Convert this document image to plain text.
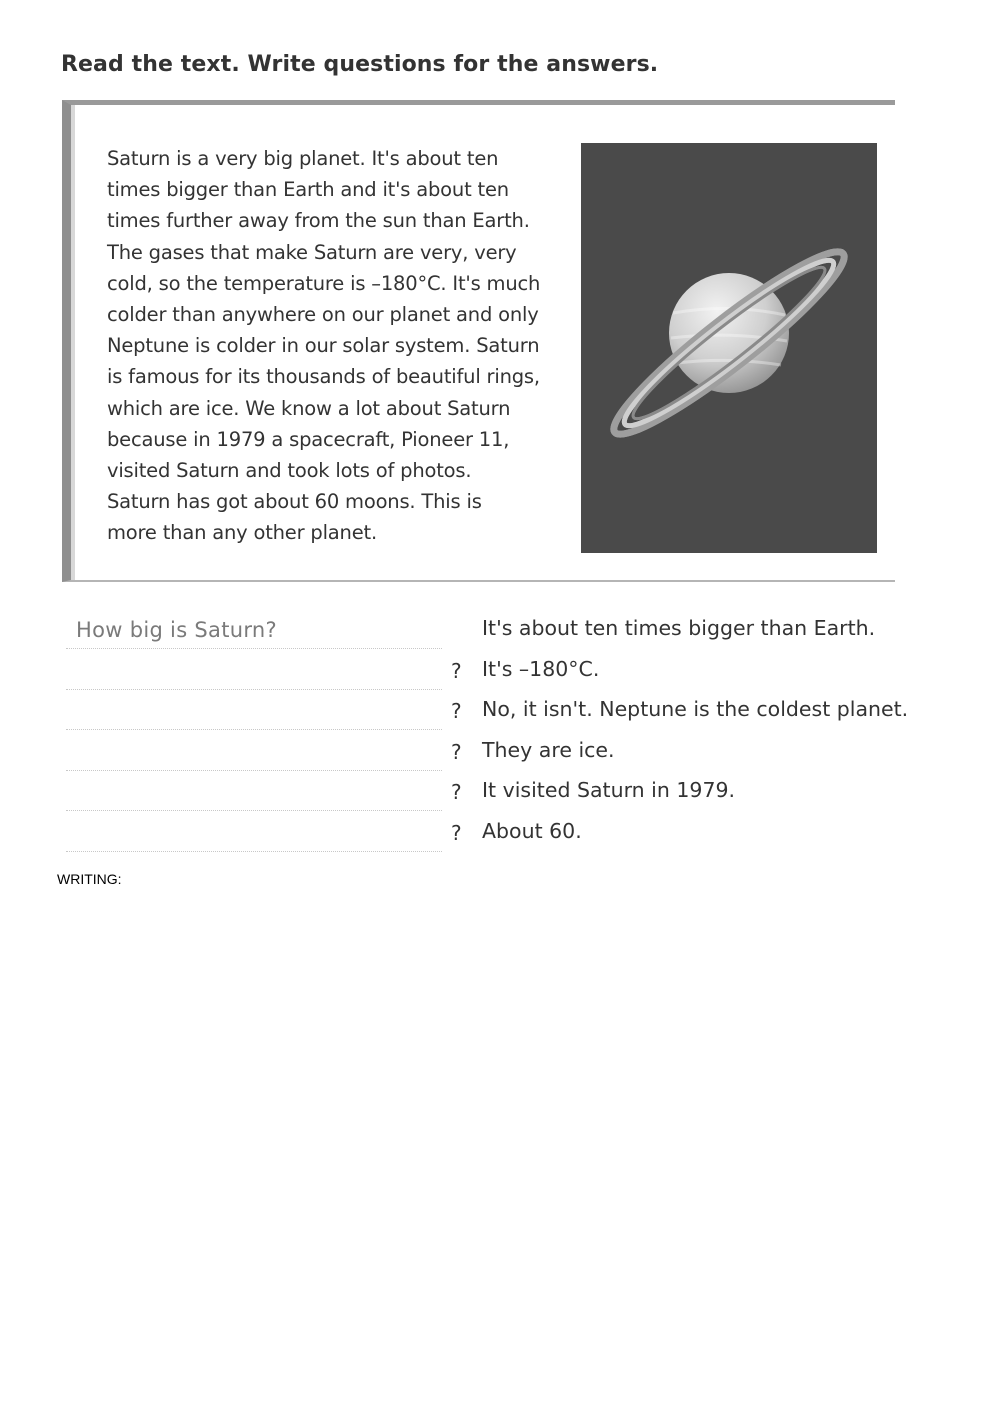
Read the text. Write questions for the answers.

Saturn is a very big planet. It's about ten
times bigger than Earth and it's about ten
times further away from the sun than Earth.
The gases that make Saturn are very, very
cold, so the temperature is –180°C. It's much
colder than anywhere on our planet and only
Neptune is colder in our solar system. Saturn
is famous for its thousands of beautiful rings,
which are ice. We know a lot about Saturn
because in 1979 a spacecraft, Pioneer 11,
visited Saturn and took lots of photos.
Saturn has got about 60 moons. This is
more than any other planet.

How big is Saturn?	It's about ten times bigger than Earth.
? It's –180°C.
? No, it isn't. Neptune is the coldest planet.
? They are ice.
? It visited Saturn in 1979.
? About 60.
WRITING:
